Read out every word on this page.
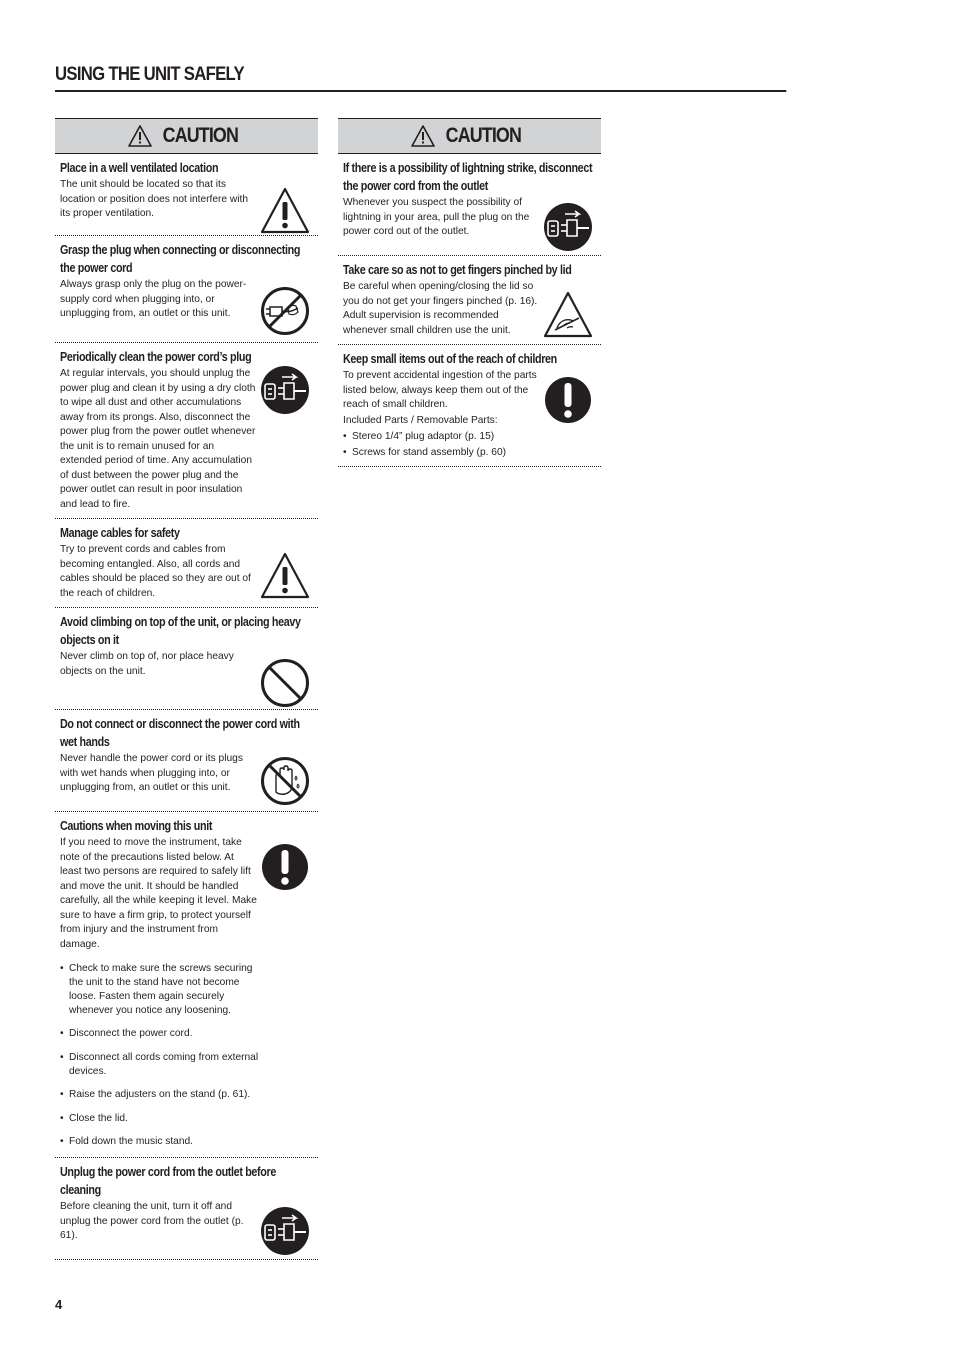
USING THE UNIT SAFELY
CAUTION
Place in a well ventilated location
The unit should be located so that its location or position does not interfere with its proper ventilation.
Grasp the plug when connecting or disconnecting the power cord
Always grasp only the plug on the power-supply cord when plugging into, or unplugging from, an outlet or this unit.
Periodically clean the power cord’s plug
At regular intervals, you should unplug the power plug and clean it by using a dry cloth to wipe all dust and other accumulations away from its prongs. Also, disconnect the power plug from the power outlet whenever the unit is to remain unused for an extended period of time. Any accumulation of dust between the power plug and the power outlet can result in poor insulation and lead to fire.
Manage cables for safety
Try to prevent cords and cables from becoming entangled. Also, all cords and cables should be placed so they are out of the reach of children.
Avoid climbing on top of the unit, or placing heavy objects on it
Never climb on top of, nor place heavy objects on the unit.
Do not connect or disconnect the power cord with wet hands
Never handle the power cord or its plugs with wet hands when plugging into, or unplugging from, an outlet or this unit.
Cautions when moving this unit
If you need to move the instrument, take note of the precautions listed below. At least two persons are required to safely lift and move the unit. It should be handled carefully, all the while keeping it level. Make sure to have a firm grip, to protect yourself from injury and the instrument from damage.
• Check to make sure the screws securing the unit to the stand have not become loose. Fasten them again securely whenever you notice any loosening.
• Disconnect the power cord.
• Disconnect all cords coming from external devices.
• Raise the adjusters on the stand (p. 61).
• Close the lid.
• Fold down the music stand.
Unplug the power cord from the outlet before cleaning
Before cleaning the unit, turn it off and unplug the power cord from the outlet (p. 61).
CAUTION
If there is a possibility of lightning strike, disconnect the power cord from the outlet
Whenever you suspect the possibility of lightning in your area, pull the plug on the power cord out of the outlet.
Take care so as not to get fingers pinched by lid
Be careful when opening/closing the lid so you do not get your fingers pinched (p. 16). Adult supervision is recommended whenever small children use the unit.
Keep small items out of the reach of children
To prevent accidental ingestion of the parts listed below, always keep them out of the reach of small children.
Included Parts / Removable Parts:
• Stereo 1/4” plug adaptor (p. 15)
• Screws for stand assembly (p. 60)
4
